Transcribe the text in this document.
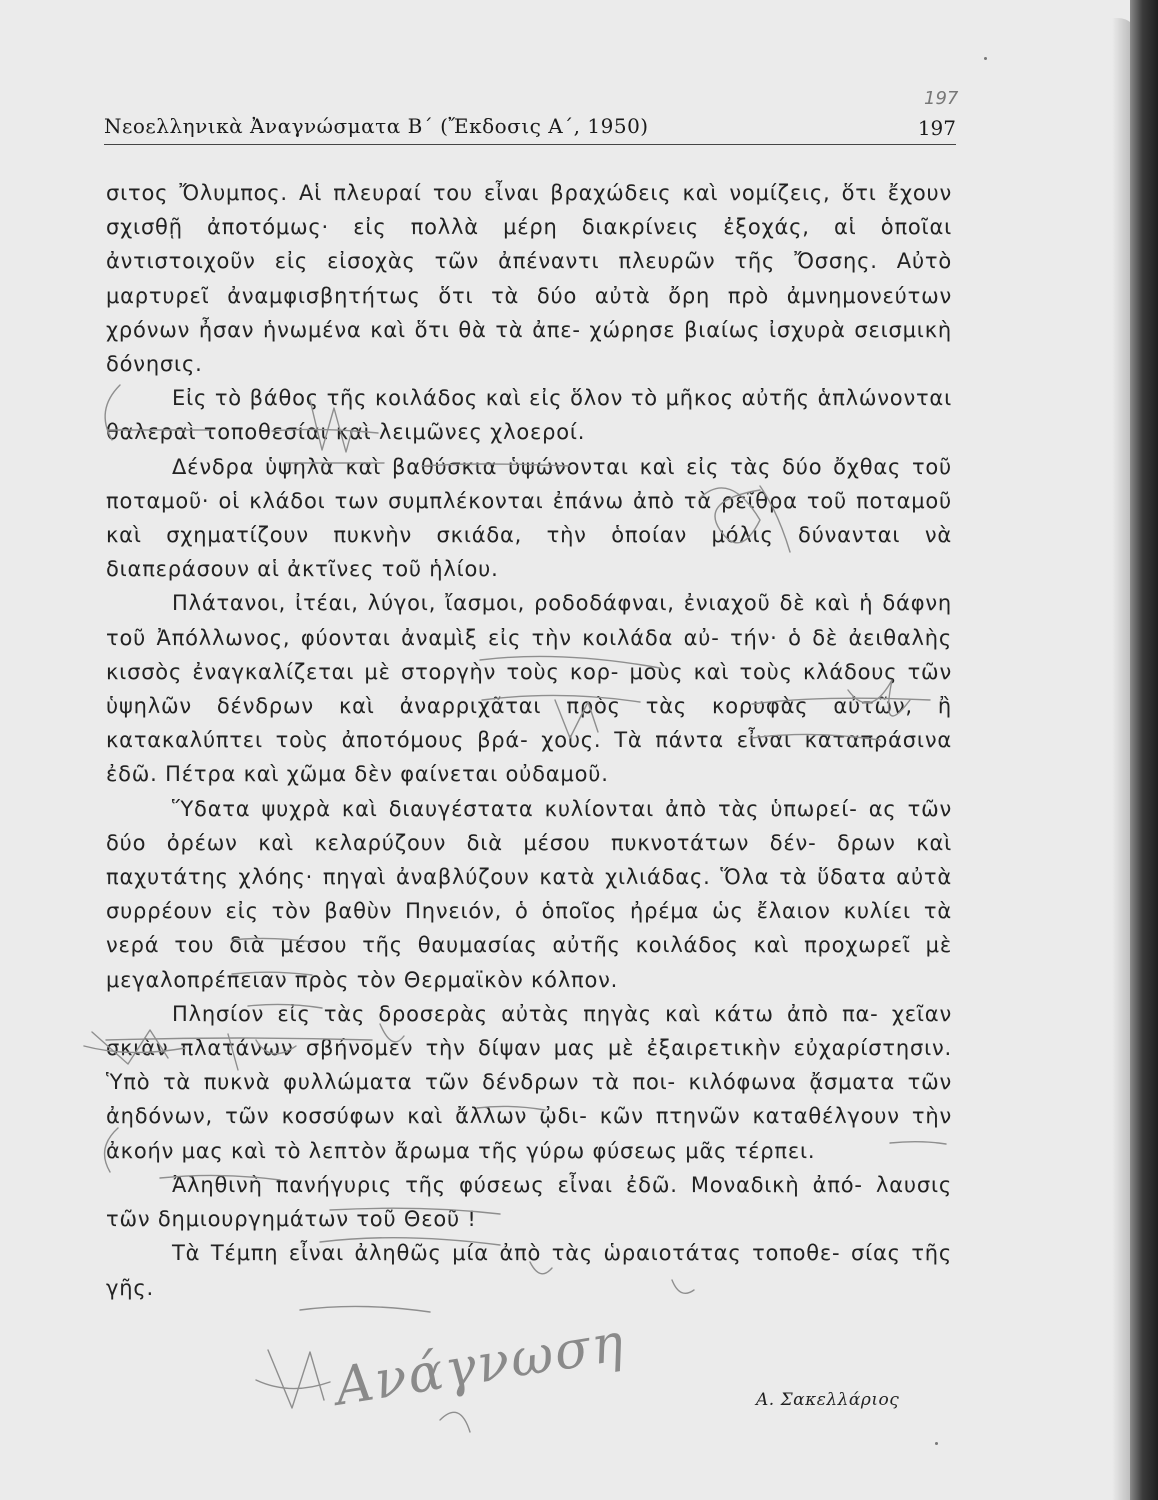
197
Νεοελληνικὰ Ἀναγνώσματα Β΄ (Ἔκδοσις Α΄, 1950)	197

σιτος Ὄλυμπος. Αἱ πλευραί του εἶναι βραχώδεις καὶ νομίζεις, ὅτι ἔχουν σχισθῇ ἀποτόμως· εἰς πολλὰ μέρη διακρίνεις ἐξοχάς, αἱ ὁποῖαι ἀντιστοιχοῦν εἰς εἰσοχὰς τῶν ἀπέναντι πλευρῶν τῆς Ὄσσης. Αὐτὸ μαρτυρεῖ ἀναμφισβητήτως ὅτι τὰ δύο αὐτὰ ὄρη πρὸ ἀμνημονεύτων χρόνων ἦσαν ἡνωμένα καὶ ὅτι θὰ τὰ ἀπε- χώρησε βιαίως ἰσχυρὰ σεισμικὴ δόνησις.

Εἰς τὸ βάθος τῆς κοιλάδος καὶ εἰς ὅλον τὸ μῆκος αὐτῆς ἁπλώνονται θαλεραὶ τοποθεσίαι καὶ λειμῶνες χλοεροί.

Δένδρα ὑψηλὰ καὶ βαθύσκια ὑψώνονται καὶ εἰς τὰς δύο ὄχθας τοῦ ποταμοῦ· οἱ κλάδοι των συμπλέκονται ἐπάνω ἀπὸ τὰ ρεῖθρα τοῦ ποταμοῦ καὶ σχηματίζουν πυκνὴν σκιάδα, τὴν ὁποίαν μόλις δύνανται νὰ διαπεράσουν αἱ ἀκτῖνες τοῦ ἡλίου.

Πλάτανοι, ἰτέαι, λύγοι, ἴασμοι, ροδοδάφναι, ἐνιαχοῦ δὲ καὶ ἡ δάφνη τοῦ Ἀπόλλωνος, φύονται ἀναμὶξ εἰς τὴν κοιλάδα αὐ- τήν· ὁ δὲ ἀειθαλὴς κισσὸς ἐναγκαλίζεται μὲ στοργὴν τοὺς κορ- μοὺς καὶ τοὺς κλάδους τῶν ὑψηλῶν δένδρων καὶ ἀναρριχᾶται πρὸς τὰς κορυφὰς αὐτῶν, ἢ κατακαλύπτει τοὺς ἀποτόμους βρά- χους. Τὰ πάντα εἶναι καταπράσινα ἐδῶ. Πέτρα καὶ χῶμα δὲν φαίνεται οὐδαμοῦ.

Ὕδατα ψυχρὰ καὶ διαυγέστατα κυλίονται ἀπὸ τὰς ὑπωρεί- ας τῶν δύο ὀρέων καὶ κελαρύζουν διὰ μέσου πυκνοτάτων δέν- δρων καὶ παχυτάτης χλόης· πηγαὶ ἀναβλύζουν κατὰ χιλιάδας. Ὅλα τὰ ὕδατα αὐτὰ συρρέουν εἰς τὸν βαθὺν Πηνειόν, ὁ ὁποῖος ἠρέμα ὡς ἔλαιον κυλίει τὰ νερά του διὰ μέσου τῆς θαυμασίας αὐτῆς κοιλάδος καὶ προχωρεῖ μὲ μεγαλοπρέπειαν πρὸς τὸν Θερμαϊκὸν κόλπον.

Πλησίον εἰς τὰς δροσερὰς αὐτὰς πηγὰς καὶ κάτω ἀπὸ πα- χεῖαν σκιὰν πλατάνων σβήνομεν τὴν δίψαν μας μὲ ἐξαιρετικὴν εὐχαρίστησιν. Ὑπὸ τὰ πυκνὰ φυλλώματα τῶν δένδρων τὰ ποι- κιλόφωνα ᾄσματα τῶν ἀηδόνων, τῶν κοσσύφων καὶ ἄλλων ᾠδι- κῶν πτηνῶν καταθέλγουν τὴν ἀκοήν μας καὶ τὸ λεπτὸν ἄρωμα τῆς γύρω φύσεως μᾶς τέρπει.

Ἀληθινὴ πανήγυρις τῆς φύσεως εἶναι ἐδῶ. Μοναδικὴ ἀπό- λαυσις τῶν δημιουργημάτων τοῦ Θεοῦ !

Τὰ Τέμπη εἶναι ἀληθῶς μία ἀπὸ τὰς ὡραιοτάτας τοποθε- σίας τῆς γῆς.

Α. Σακελλάριος
Ανάγνωση
